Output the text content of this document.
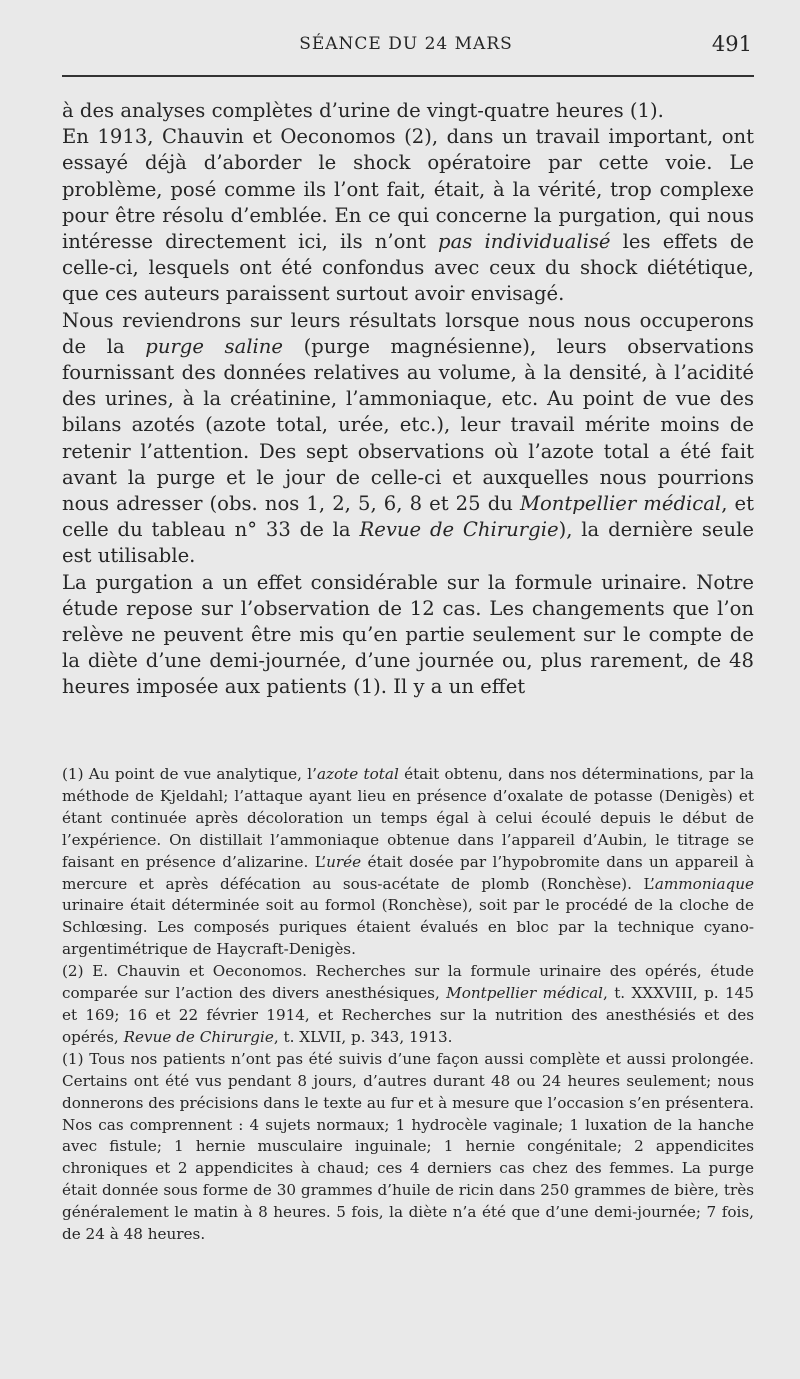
SÉANCE DU 24 MARS	491

à des analyses complètes d’urine de vingt-quatre heures (1).
En 1913, Chauvin et Oeconomos (2), dans un travail important, ont essayé déjà d’aborder le shock opératoire par cette voie. Le problème, posé comme ils l’ont fait, était, à la vérité, trop complexe pour être résolu d’emblée. En ce qui concerne la purgation, qui nous intéresse directement ici, ils n’ont pas individualisé les effets de celle-ci, lesquels ont été confondus avec ceux du shock diététique, que ces auteurs paraissent surtout avoir envisagé.

Nous reviendrons sur leurs résultats lorsque nous nous occuperons de la purge saline (purge magnésienne), leurs observations fournissant des données relatives au volume, à la densité, à l’acidité des urines, à la créatinine, l’ammoniaque, etc. Au point de vue des bilans azotés (azote total, urée, etc.), leur travail mérite moins de retenir l’attention. Des sept observations où l’azote total a été fait avant la purge et le jour de celle-ci et auxquelles nous pourrions nous adresser (obs. nos 1, 2, 5, 6, 8 et 25 du Montpellier médical, et celle du tableau n° 33 de la Revue de Chirurgie), la dernière seule est utilisable.

La purgation a un effet considérable sur la formule urinaire. Notre étude repose sur l’observation de 12 cas. Les changements que l’on relève ne peuvent être mis qu’en partie seulement sur le compte de la diète d’une demi-journée, d’une journée ou, plus rarement, de 48 heures imposée aux patients (1). Il y a un effet

(1) Au point de vue analytique, l’azote total était obtenu, dans nos déterminations, par la méthode de Kjeldahl; l’attaque ayant lieu en présence d’oxalate de potasse (Denigès) et étant continuée après décoloration un temps égal à celui écoulé depuis le début de l’expérience. On distillait l’ammoniaque obtenue dans l’appareil d’Aubin, le titrage se faisant en présence d’alizarine. L’urée était dosée par l’hypobromite dans un appareil à mercure et après défécation au sous-acétate de plomb (Ronchèse). L’ammoniaque urinaire était déterminée soit au formol (Ronchèse), soit par le procédé de la cloche de Schlœsing. Les composés puriques étaient évalués en bloc par la technique cyano-argentimétrique de Haycraft-Denigès.

(2) E. Chauvin et Oeconomos. Recherches sur la formule urinaire des opérés, étude comparée sur l’action des divers anesthésiques, Montpellier médical, t. XXXVIII, p. 145 et 169; 16 et 22 février 1914, et Recherches sur la nutrition des anesthésiés et des opérés, Revue de Chirurgie, t. XLVII, p. 343, 1913.

(1) Tous nos patients n’ont pas été suivis d’une façon aussi complète et aussi prolongée. Certains ont été vus pendant 8 jours, d’autres durant 48 ou 24 heures seulement; nous donnerons des précisions dans le texte au fur et à mesure que l’occasion s’en présentera. Nos cas comprennent : 4 sujets normaux; 1 hydrocèle vaginale; 1 luxation de la hanche avec fistule; 1 hernie musculaire inguinale; 1 hernie congénitale; 2 appendicites chroniques et 2 appendicites à chaud; ces 4 derniers cas chez des femmes. La purge était donnée sous forme de 30 grammes d’huile de ricin dans 250 grammes de bière, très généralement le matin à 8 heures. 5 fois, la diète n’a été que d’une demi-journée; 7 fois, de 24 à 48 heures.
